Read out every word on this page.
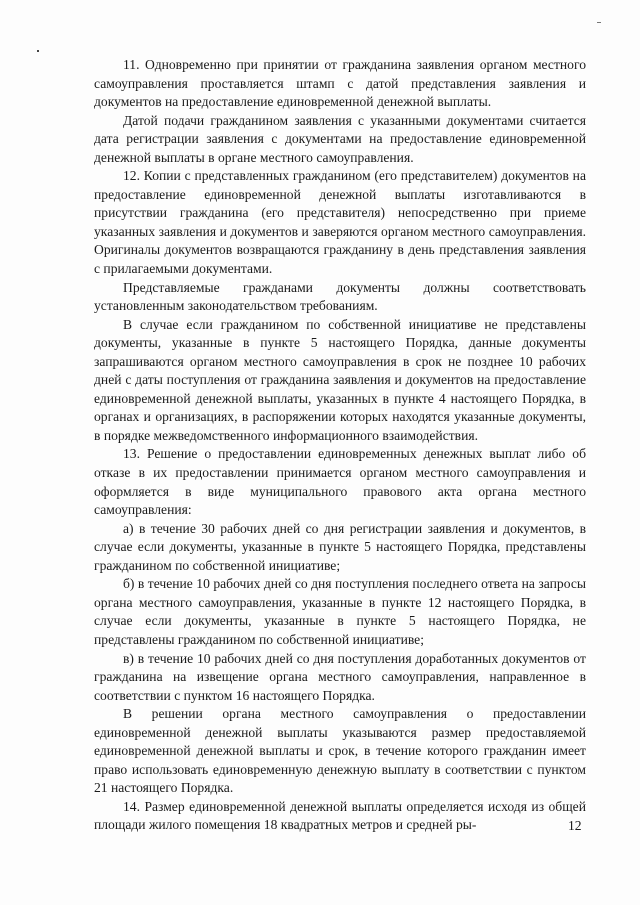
11. Одновременно при принятии от гражданина заявления органом местного самоуправления проставляется штамп с датой представления заявления и документов на предоставление единовременной денежной выплаты.

Датой подачи гражданином заявления с указанными документами считается дата регистрации заявления с документами на предоставление единовременной денежной выплаты в органе местного самоуправления.

12. Копии с представленных гражданином (его представителем) документов на предоставление единовременной денежной выплаты изготавливаются в присутствии гражданина (его представителя) непосредственно при приеме указанных заявления и документов и заверяются органом местного самоуправления. Оригиналы документов возвращаются гражданину в день представления заявления с прилагаемыми документами.

Представляемые гражданами документы должны соответствовать установленным законодательством требованиям.

В случае если гражданином по собственной инициативе не представлены документы, указанные в пункте 5 настоящего Порядка, данные документы запрашиваются органом местного самоуправления в срок не позднее 10 рабочих дней с даты поступления от гражданина заявления и документов на предоставление единовременной денежной выплаты, указанных в пункте 4 настоящего Порядка, в органах и организациях, в распоряжении которых находятся указанные документы, в порядке межведомственного информационного взаимодействия.

13. Решение о предоставлении единовременных денежных выплат либо об отказе в их предоставлении принимается органом местного самоуправления и оформляется в виде муниципального правового акта органа местного самоуправления:

а) в течение 30 рабочих дней со дня регистрации заявления и документов, в случае если документы, указанные в пункте 5 настоящего Порядка, представлены гражданином по собственной инициативе;

б) в течение 10 рабочих дней со дня поступления последнего ответа на запросы органа местного самоуправления, указанные в пункте 12 настоящего Порядка, в случае если документы, указанные в пункте 5 настоящего Порядка, не представлены гражданином по собственной инициативе;

в) в течение 10 рабочих дней со дня поступления доработанных документов от гражданина на извещение органа местного самоуправления, направленное в соответствии с пунктом 16 настоящего Порядка.

В решении органа местного самоуправления о предоставлении единовременной денежной выплаты указываются размер предоставляемой единовременной денежной выплаты и срок, в течение которого гражданин имеет право использовать единовременную денежную выплату в соответствии с пунктом 21 настоящего Порядка.

14. Размер единовременной денежной выплаты определяется исходя из общей площади жилого помещения 18 квадратных метров и средней ры-	12
